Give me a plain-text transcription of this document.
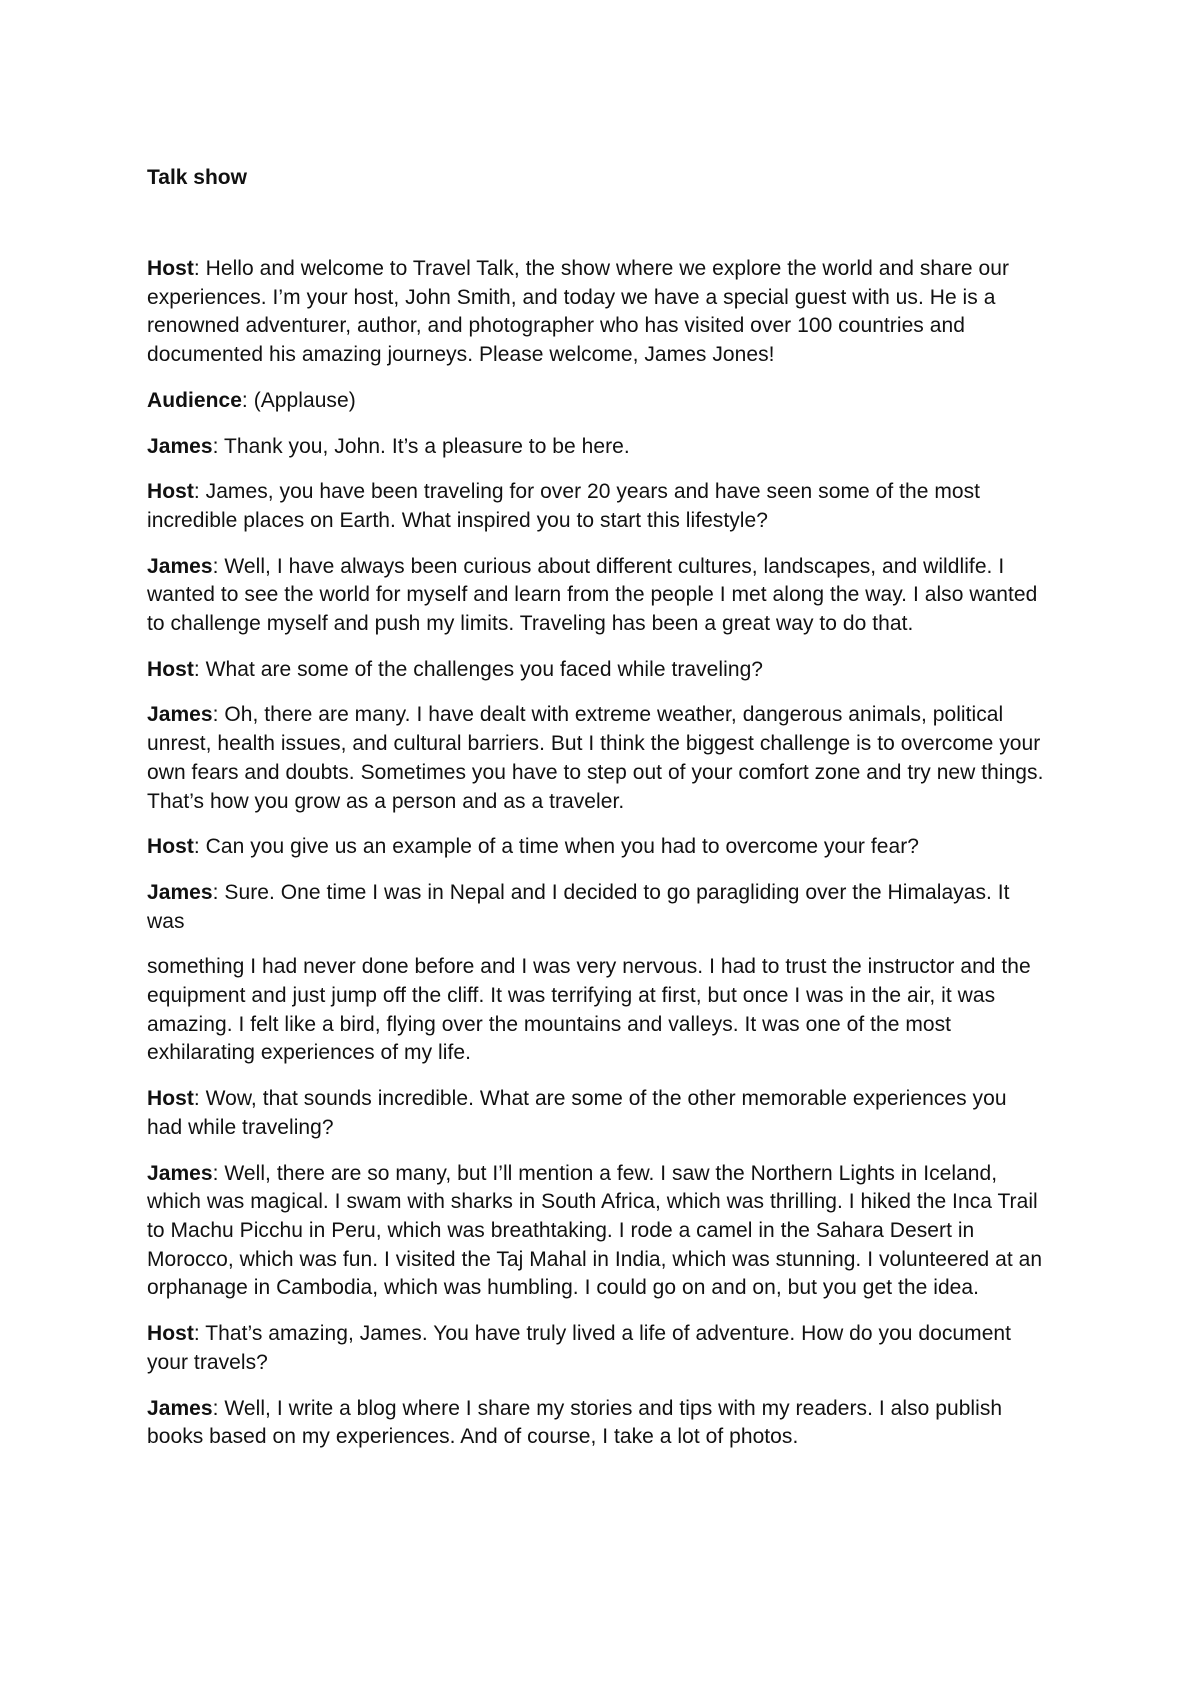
Talk show

Host: Hello and welcome to Travel Talk, the show where we explore the world and share our experiences. I’m your host, John Smith, and today we have a special guest with us. He is a renowned adventurer, author, and photographer who has visited over 100 countries and documented his amazing journeys. Please welcome, James Jones!

Audience: (Applause)

James: Thank you, John. It’s a pleasure to be here.

Host: James, you have been traveling for over 20 years and have seen some of the most incredible places on Earth. What inspired you to start this lifestyle?

James: Well, I have always been curious about different cultures, landscapes, and wildlife. I wanted to see the world for myself and learn from the people I met along the way. I also wanted to challenge myself and push my limits. Traveling has been a great way to do that.

Host: What are some of the challenges you faced while traveling?

James: Oh, there are many. I have dealt with extreme weather, dangerous animals, political unrest, health issues, and cultural barriers. But I think the biggest challenge is to overcome your own fears and doubts. Sometimes you have to step out of your comfort zone and try new things. That’s how you grow as a person and as a traveler.

Host: Can you give us an example of a time when you had to overcome your fear?

James: Sure. One time I was in Nepal and I decided to go paragliding over the Himalayas. It was

something I had never done before and I was very nervous. I had to trust the instructor and the equipment and just jump off the cliff. It was terrifying at first, but once I was in the air, it was amazing. I felt like a bird, flying over the mountains and valleys. It was one of the most exhilarating experiences of my life.

Host: Wow, that sounds incredible. What are some of the other memorable experiences you had while traveling?

James: Well, there are so many, but I’ll mention a few. I saw the Northern Lights in Iceland, which was magical. I swam with sharks in South Africa, which was thrilling. I hiked the Inca Trail to Machu Picchu in Peru, which was breathtaking. I rode a camel in the Sahara Desert in Morocco, which was fun. I visited the Taj Mahal in India, which was stunning. I volunteered at an orphanage in Cambodia, which was humbling. I could go on and on, but you get the idea.

Host: That’s amazing, James. You have truly lived a life of adventure. How do you document your travels?

James: Well, I write a blog where I share my stories and tips with my readers. I also publish books based on my experiences. And of course, I take a lot of photos.
